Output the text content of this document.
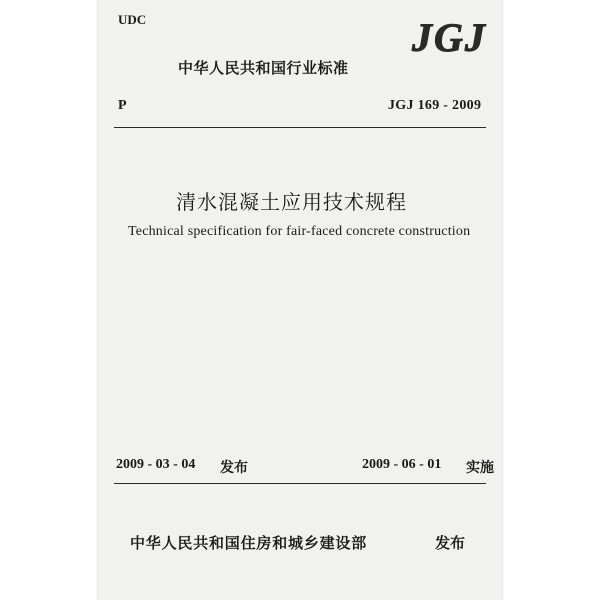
UDC	JGJ
中华人民共和国行业标准
P	JGJ 169 - 2009
清水混凝土应用技术规程
Technical specification for fair-faced concrete construction
2009 - 03 - 04 发布	2009 - 06 - 01 实施
中华人民共和国住房和城乡建设部	发布
